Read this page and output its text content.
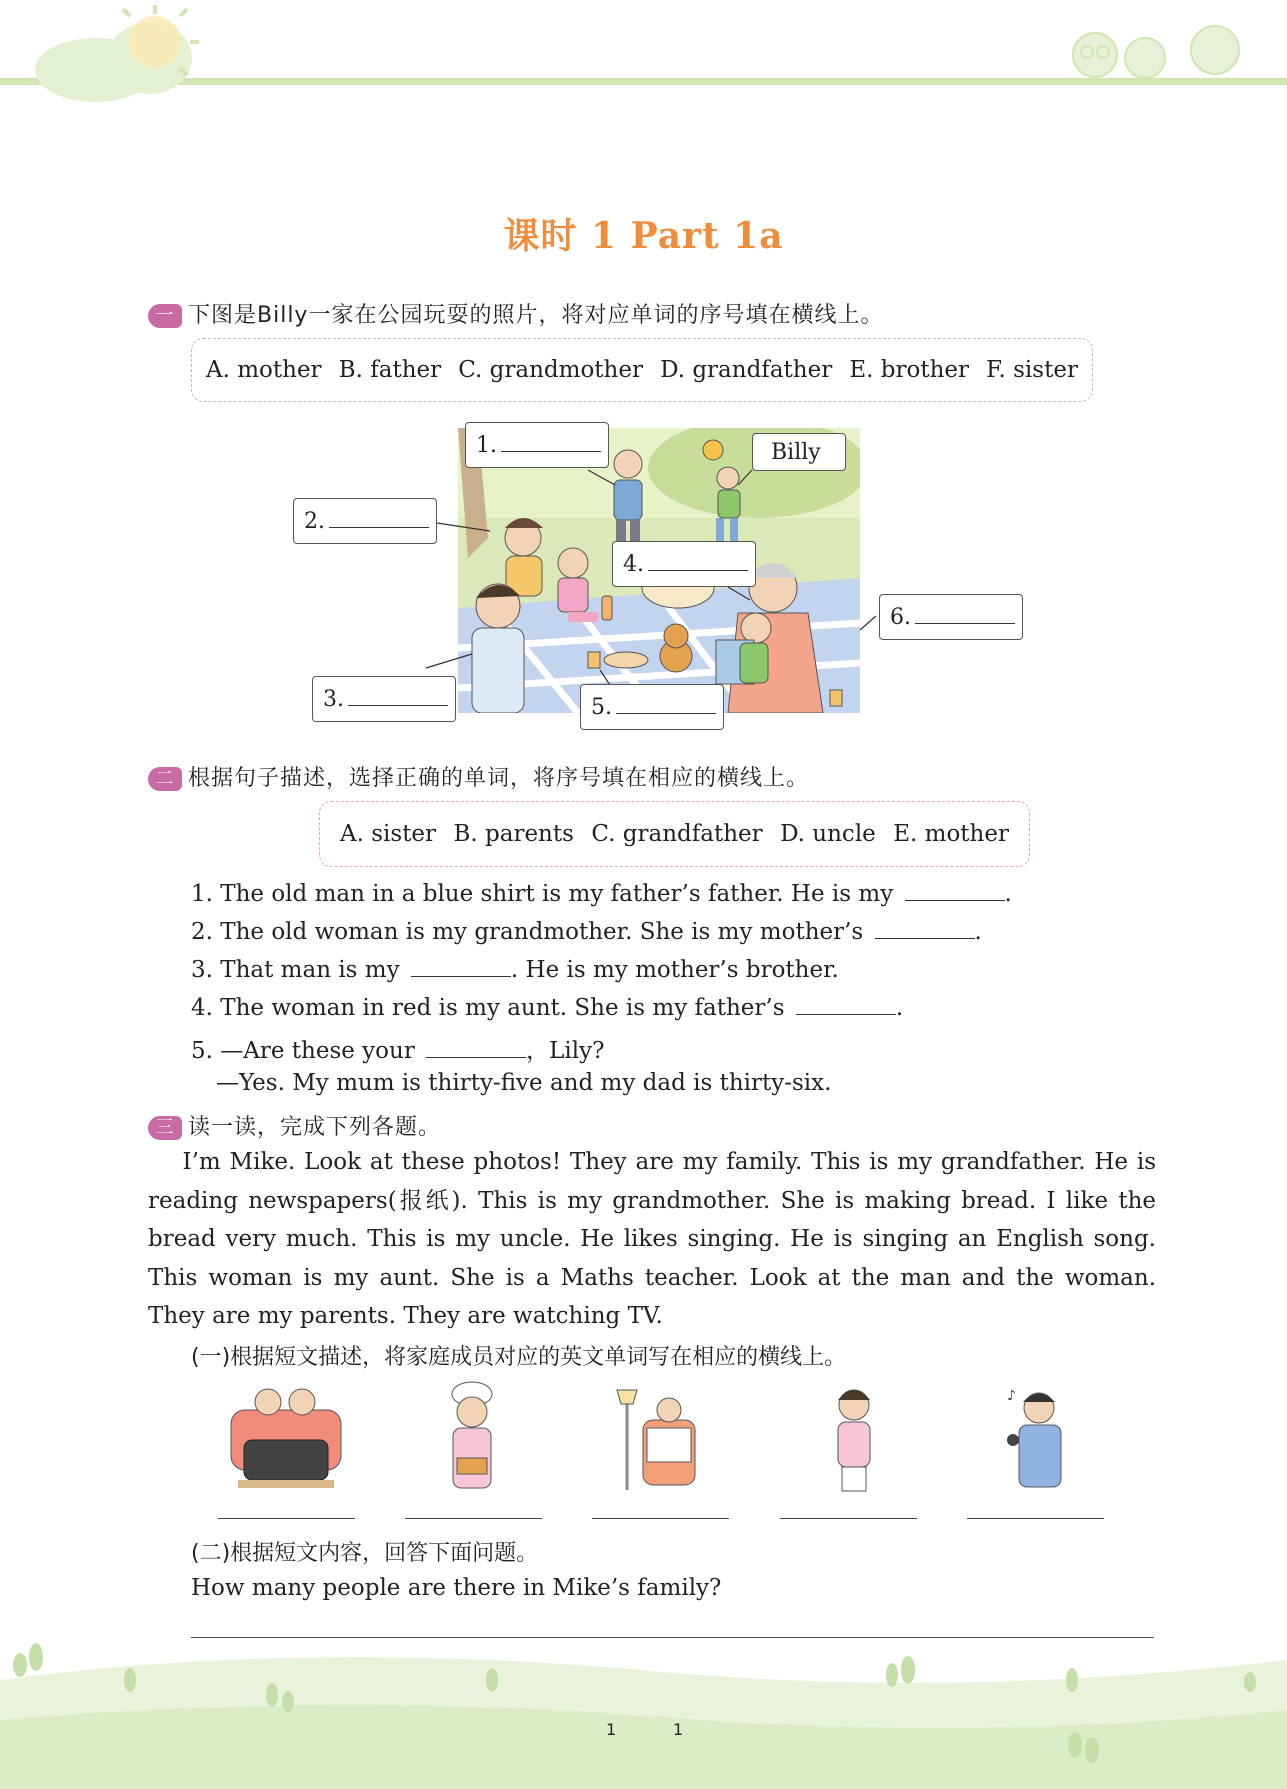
★
课时 1 Part 1a
一 下图是Billy一家在公园玩耍的照片，将对应单词的序号填在横线上。
A. mother B. father C. grandmother D. grandfather E. brother F. sister
1.
2.
3.
4.
5.
6.
Billy
二 根据句子描述，选择正确的单词，将序号填在相应的横线上。
A. sister B. parents C. grandfather D. uncle E. mother
1. The old man in a blue shirt is my father’s father. He is my	.
2. The old woman is my grandmother. She is my mother’s	.
3. That man is my	. He is my mother’s brother.
4. The woman in red is my aunt. She is my father’s	.
5. —Are these your	，Lily?
—Yes. My mum is thirty-five and my dad is thirty-six.
三 读一读，完成下列各题。
I’m Mike. Look at these photos! They are my family. This is my grandfather. He is reading newspapers(报纸). This is my grandmother. She is making bread. I like the bread very much. This is my uncle. He likes singing. He is singing an English song. This woman is my aunt. She is a Maths teacher. Look at the man and the woman. They are my parents. They are watching TV.
(一)根据短文描述，将家庭成员对应的英文单词写在相应的横线上。
♪
(二)根据短文内容，回答下面问题。
How many people are there in Mike’s family?
1	1
